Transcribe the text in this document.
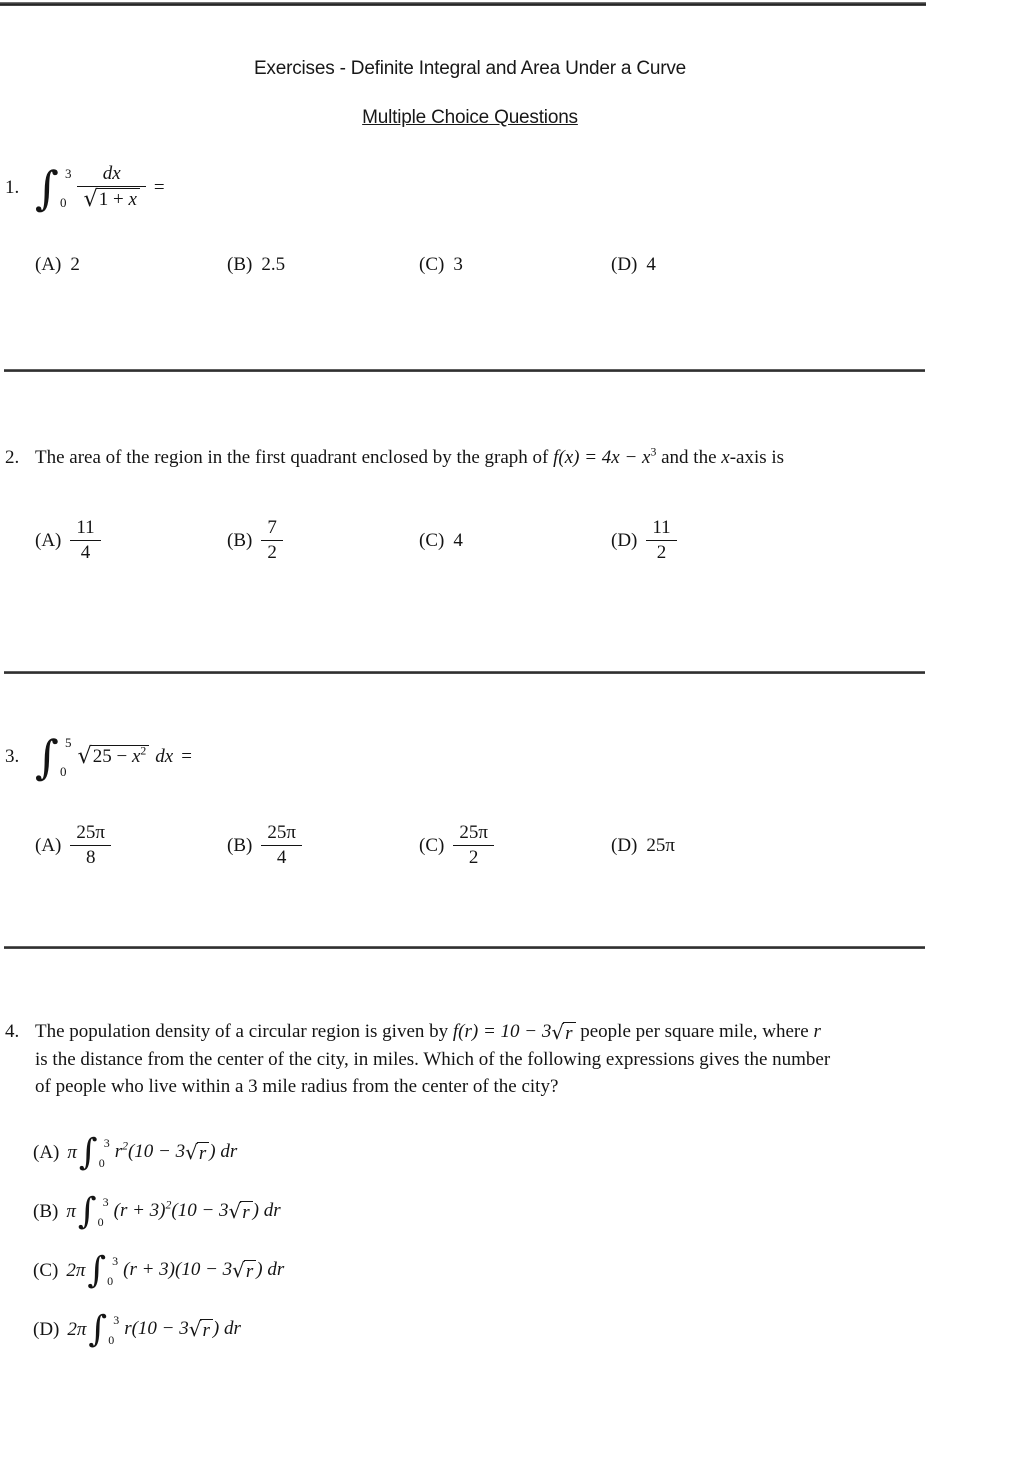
Exercises - Definite Integral and Area Under a Curve
Multiple Choice Questions
1. ∫ 3
$0 \frac{dx}{√ 1 + x}$ =
(A) 2	(B) 2.5	(C) 3	(D) 4
2. The area of the region in the first quadrant enclosed by the graph of $f(x) = 4x - x^3$ and the x-axis is
$(A) \frac{11}{4}$	$(B) \frac{7}{2}$	(C) 4	$(D) \frac{11}{2}$
3. ∫ 5
0
√ $25 - x^2$ dx =
$(A) \frac{25\pi}{8}$	$(B) \frac{25\pi}{4}$	$(C) \frac{25\pi}{2}$	(D) 25π
4. The population density of a circular region is given by f(r) = 10 − 3 √ r people per square mile, where r
is the distance from the center of the city, in miles. Which of the following expressions gives the number
of people who live within a 3 mile radius from the center of the city?
(A) π ∫ 3
0
$r^2(10 - 3$ √ r ) dr
(B) π ∫ 3
0
$(r + 3)^2(10 - 3$ √ r ) dr
(C) 2π ∫ 3
0
(r + 3)(10 − 3 √ r ) dr
(D) 2π ∫ 3
0
r(10 − 3 √ r ) dr
